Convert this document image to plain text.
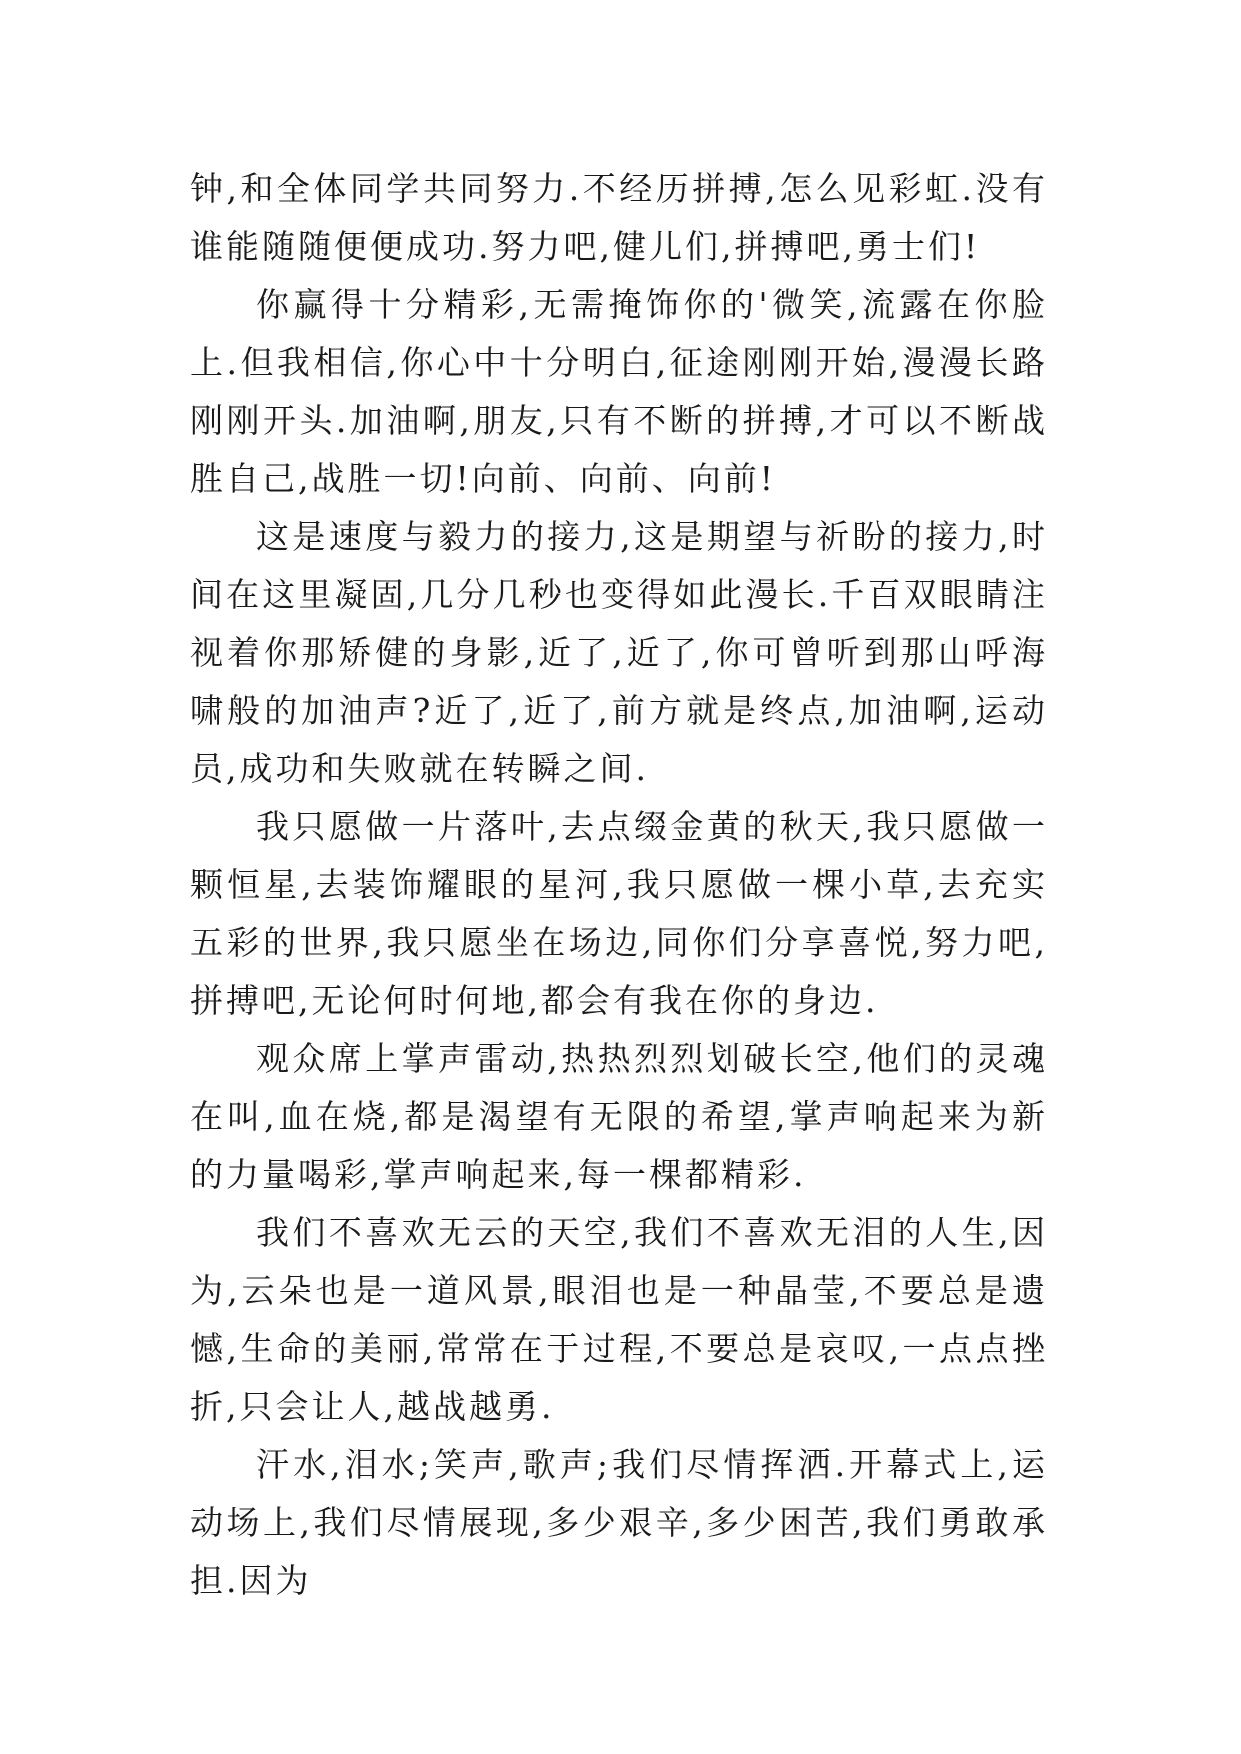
钟,和全体同学共同努力.不经历拼搏,怎么见彩虹.没有谁能随随便便成功.努力吧,健儿们,拼搏吧,勇士们!

你赢得十分精彩,无需掩饰你的'微笑,流露在你脸上.但我相信,你心中十分明白,征途刚刚开始,漫漫长路刚刚开头.加油啊,朋友,只有不断的拼搏,才可以不断战胜自己,战胜一切!向前、向前、向前!

这是速度与毅力的接力,这是期望与祈盼的接力,时间在这里凝固,几分几秒也变得如此漫长.千百双眼睛注视着你那矫健的身影,近了,近了,你可曾听到那山呼海啸般的加油声?近了,近了,前方就是终点,加油啊,运动员,成功和失败就在转瞬之间.

我只愿做一片落叶,去点缀金黄的秋天,我只愿做一颗恒星,去装饰耀眼的星河,我只愿做一棵小草,去充实五彩的世界,我只愿坐在场边,同你们分享喜悦,努力吧,拼搏吧,无论何时何地,都会有我在你的身边.

观众席上掌声雷动,热热烈烈划破长空,他们的灵魂在叫,血在烧,都是渴望有无限的希望,掌声响起来为新的力量喝彩,掌声响起来,每一棵都精彩.

我们不喜欢无云的天空,我们不喜欢无泪的人生,因为,云朵也是一道风景,眼泪也是一种晶莹,不要总是遗憾,生命的美丽,常常在于过程,不要总是哀叹,一点点挫折,只会让人,越战越勇.

汗水,泪水;笑声,歌声;我们尽情挥洒.开幕式上,运动场上,我们尽情展现,多少艰辛,多少困苦,我们勇敢承担.因为
